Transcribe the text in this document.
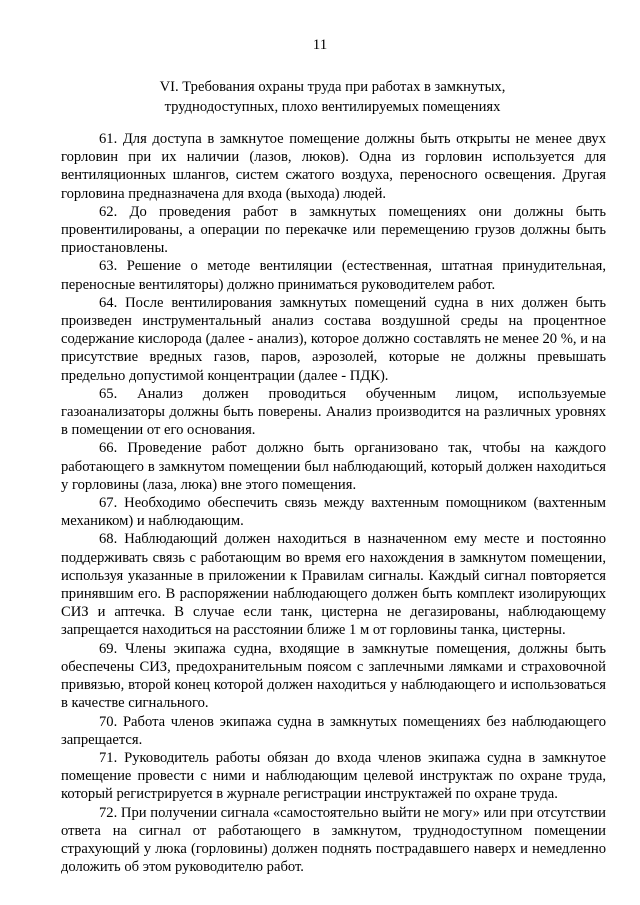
11
VI. Требования охраны труда при работах в замкнутых,
труднодоступных, плохо вентилируемых помещениях

61. Для доступа в замкнутое помещение должны быть открыты не менее двух горловин при их наличии (лазов, люков). Одна из горловин используется для вентиляционных шлангов, систем сжатого воздуха, переносного освещения. Другая горловина предназначена для входа (выхода) людей.

62. До проведения работ в замкнутых помещениях они должны быть провентилированы, а операции по перекачке или перемещению грузов должны быть приостановлены.

63. Решение о методе вентиляции (естественная, штатная принудительная, переносные вентиляторы) должно приниматься руководителем работ.

64. После вентилирования замкнутых помещений судна в них должен быть произведен инструментальный анализ состава воздушной среды на процентное содержание кислорода (далее - анализ), которое должно составлять не менее 20 %, и на присутствие вредных газов, паров, аэрозолей, которые не должны превышать предельно допустимой концентрации (далее - ПДК).

65. Анализ должен проводиться обученным лицом, используемые газоанализаторы должны быть поверены. Анализ производится на различных уровнях в помещении от его основания.

66. Проведение работ должно быть организовано так, чтобы на каждого работающего в замкнутом помещении был наблюдающий, который должен находиться у горловины (лаза, люка) вне этого помещения.

67. Необходимо обеспечить связь между вахтенным помощником (вахтенным механиком) и наблюдающим.

68. Наблюдающий должен находиться в назначенном ему месте и постоянно поддерживать связь с работающим во время его нахождения в замкнутом помещении, используя указанные в приложении к Правилам сигналы. Каждый сигнал повторяется принявшим его. В распоряжении наблюдающего должен быть комплект изолирующих СИЗ и аптечка. В случае если танк, цистерна не дегазированы, наблюдающему запрещается находиться на расстоянии ближе 1 м от горловины танка, цистерны.

69. Члены экипажа судна, входящие в замкнутые помещения, должны быть обеспечены СИЗ, предохранительным поясом с заплечными лямками и страховочной привязью, второй конец которой должен находиться у наблюдающего и использоваться в качестве сигнального.

70. Работа членов экипажа судна в замкнутых помещениях без наблюдающего запрещается.

71. Руководитель работы обязан до входа членов экипажа судна в замкнутое помещение провести с ними и наблюдающим целевой инструктаж по охране труда, который регистрируется в журнале регистрации инструктажей по охране труда.

72. При получении сигнала «самостоятельно выйти не могу» или при отсутствии ответа на сигнал от работающего в замкнутом, труднодоступном помещении страхующий у люка (горловины) должен поднять пострадавшего наверх и немедленно доложить об этом руководителю работ.
